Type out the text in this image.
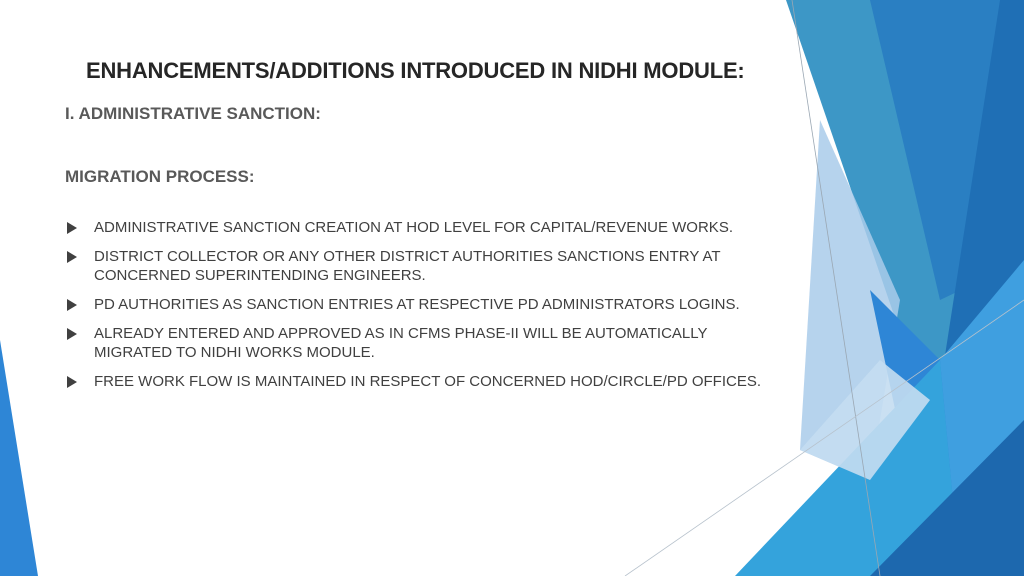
ENHANCEMENTS/ADDITIONS INTRODUCED IN NIDHI MODULE:
I. ADMINISTRATIVE SANCTION:
MIGRATION PROCESS:
ADMINISTRATIVE SANCTION CREATION AT HOD LEVEL FOR CAPITAL/REVENUE WORKS.
DISTRICT COLLECTOR OR ANY OTHER DISTRICT AUTHORITIES SANCTIONS ENTRY AT CONCERNED SUPERINTENDING ENGINEERS.
PD AUTHORITIES AS SANCTION ENTRIES AT RESPECTIVE PD ADMINISTRATORS LOGINS.
ALREADY ENTERED AND APPROVED AS IN CFMS PHASE-II WILL BE AUTOMATICALLY MIGRATED TO NIDHI WORKS MODULE.
FREE WORK FLOW IS MAINTAINED IN RESPECT OF CONCERNED HOD/CIRCLE/PD OFFICES.
